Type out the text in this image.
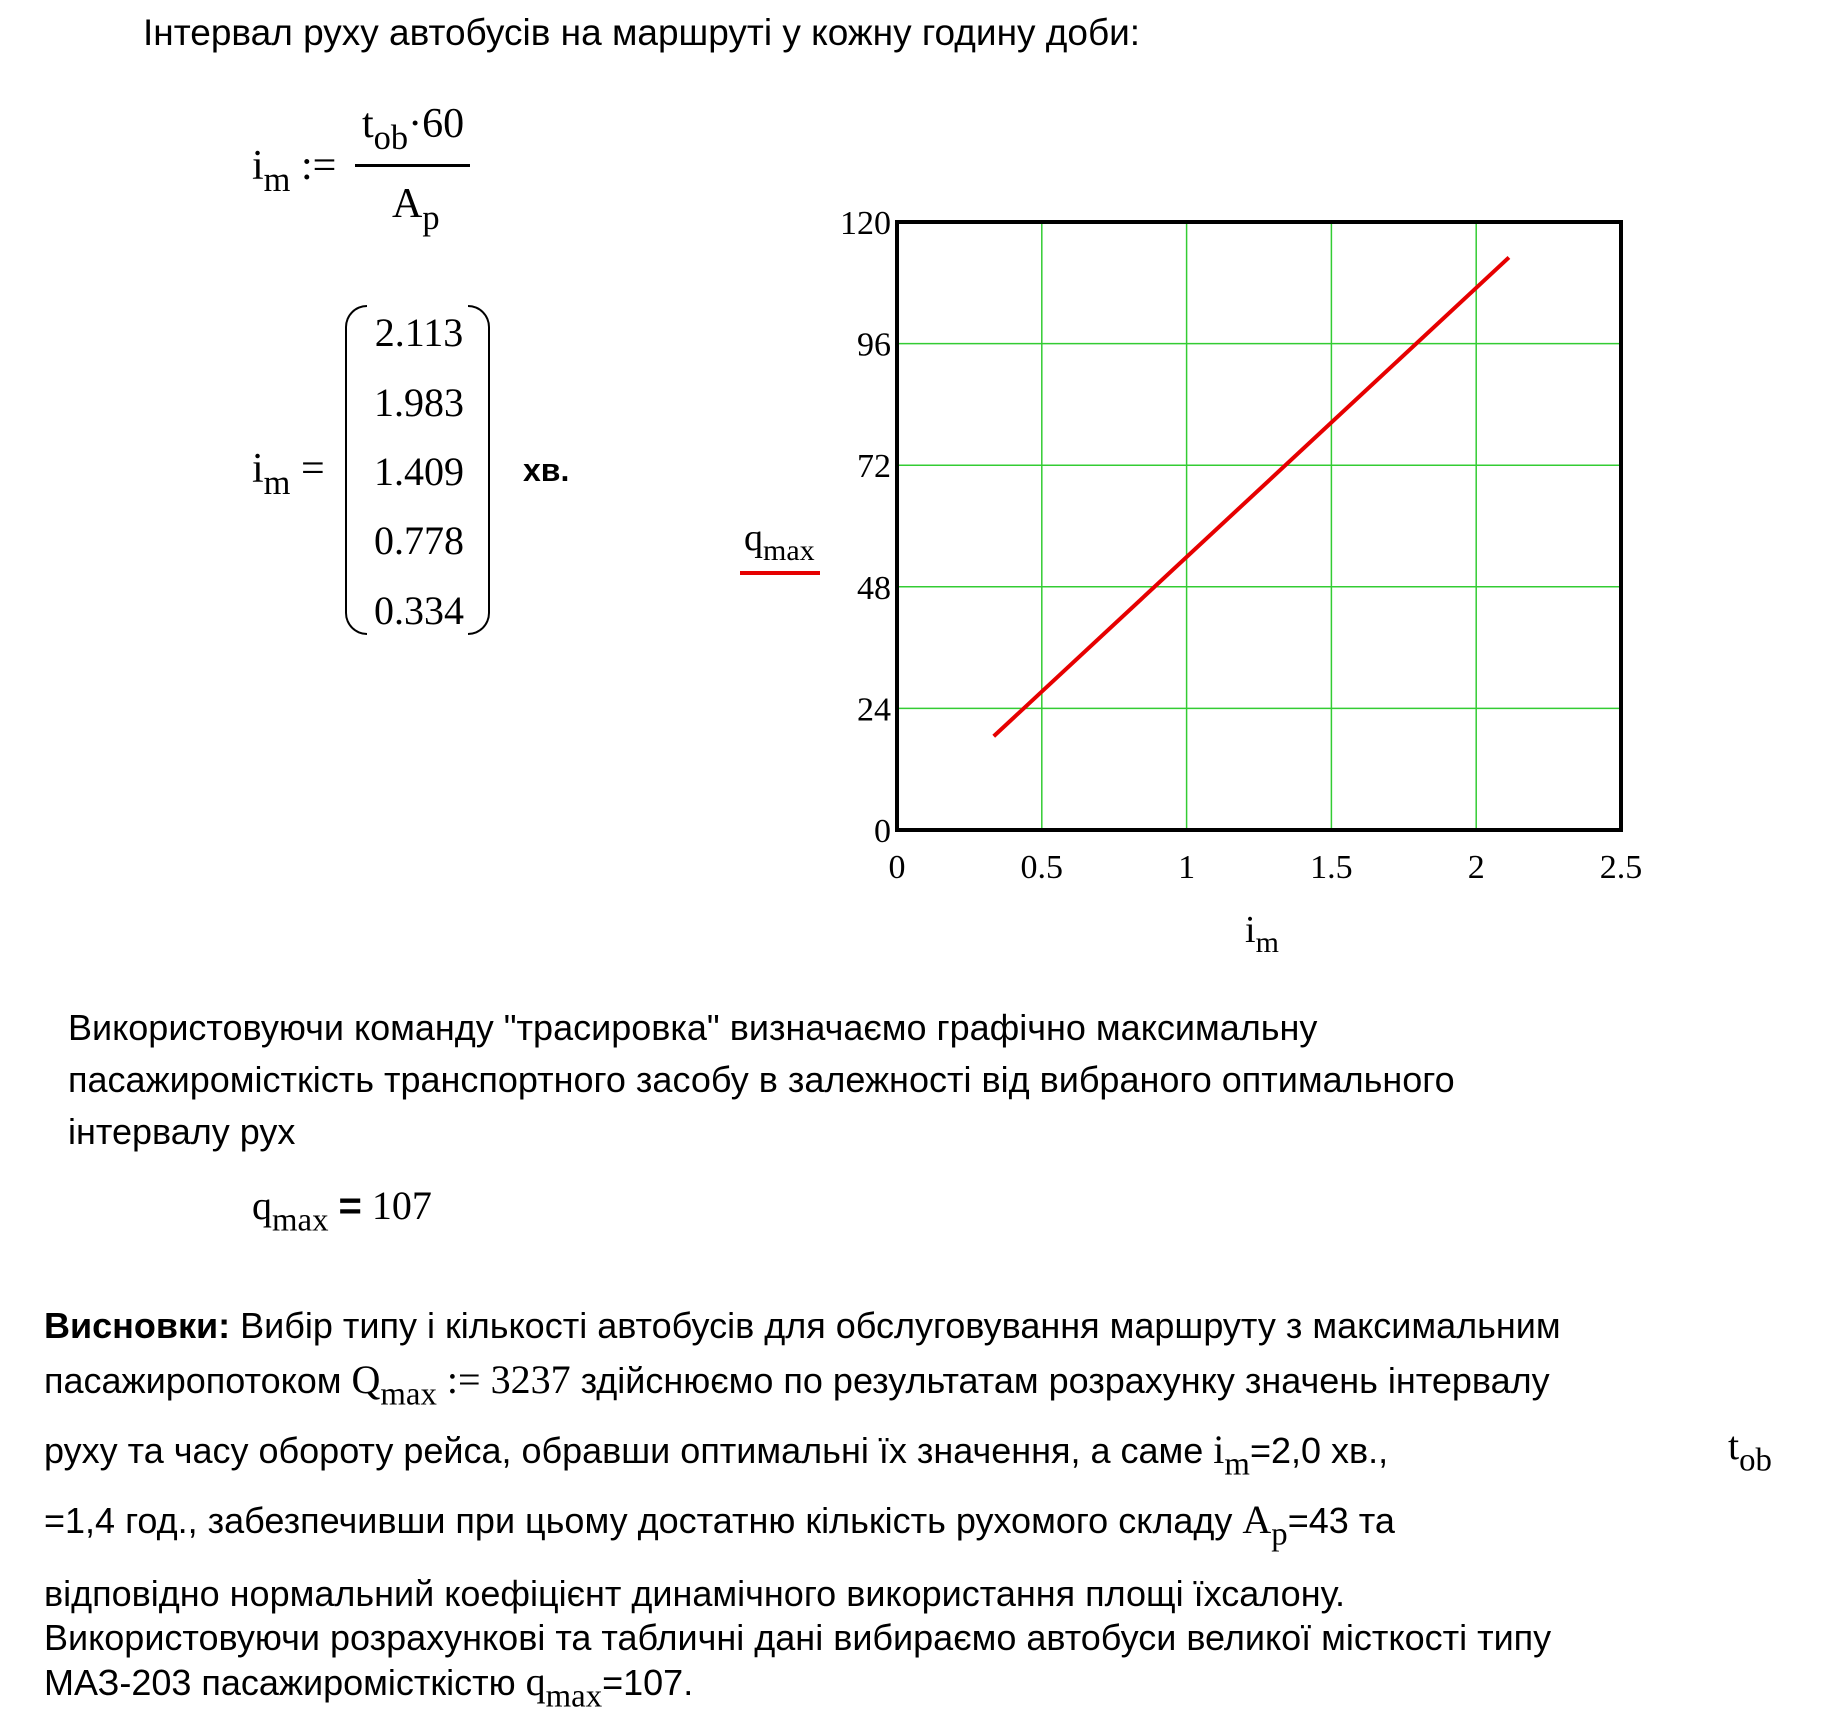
Інтервал руху автобусів на маршруті у кожну годину доби:
$i_m$ :=
$t_{ob}\cdot 60$
$A_p$
$i_m$ =
2.113
1.983
1.409
0.778
0.334
хв.
0	0.5	1	1.5	2	2.5
0
24
48
72
96
120
$q_{max}$
$i_m$
Використовуючи команду "трасировка" визначаємо графічно максимальну
пасажиромісткість транспортного засобу в залежності від вибраного оптимального
інтервалу рух
$q_{max} = 107$
Висновки: Вибір типу і кількості автобусів для обслуговування маршруту з максимальним
пасажиропотоком $Q_{max}$ := 3237 здійснюємо по результатам розрахунку значень інтервалу
руху та часу обороту рейса, обравши оптимальні їх значення, а саме $i_m=2,0$ хв.,	$t_{ob}$
=1,4 год., забезпечивши при цьому достатню кількість рухомого складу $A_p=43$ та
відповідно нормальний коефіцієнт динамічного використання площі їхсалону.
Використовуючи розрахункові та табличні дані вибираємо автобуси великої місткості типу
МАЗ-203 пасажиромісткістю $q_{max}=107$.
